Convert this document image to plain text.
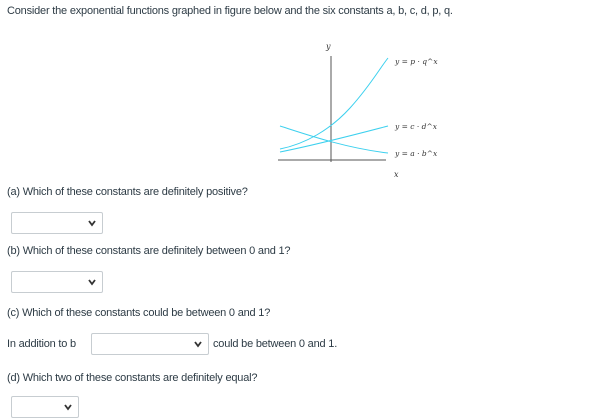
Consider the exponential functions graphed in figure below and the six constants a, b, c, d, p, q.
y
x
y = p · q^x
y = c · d^x
y = a · b^x
(a) Which of these constants are definitely positive?
(b) Which of these constants are definitely between 0 and 1?
(c) Which of these constants could be between 0 and 1?
In addition to b	could be between 0 and 1.
(d) Which two of these constants are definitely equal?
